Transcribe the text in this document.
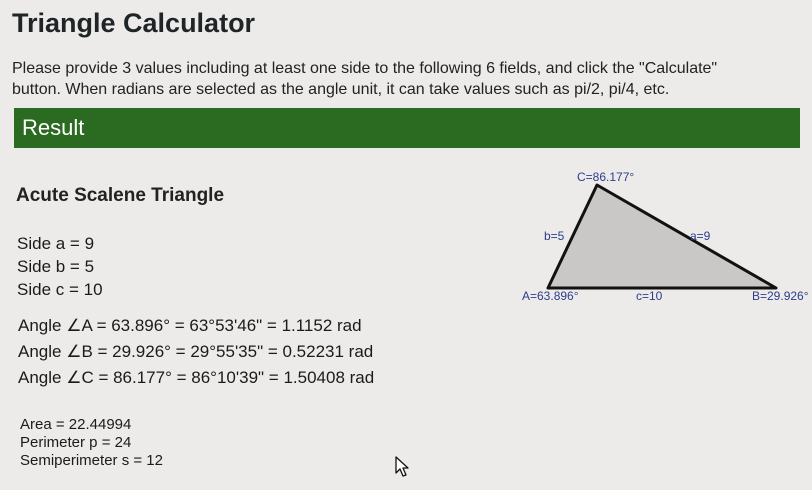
Triangle Calculator
Please provide 3 values including at least one side to the following 6 fields, and click the "Calculate"
button. When radians are selected as the angle unit, it can take values such as pi/2, pi/4, etc.
Result
Acute Scalene Triangle
Side a = 9
Side b = 5
Side c = 10
Angle ∠A = 63.896° = 63°53'46" = 1.1152 rad
Angle ∠B = 29.926° = 29°55'35" = 0.52231 rad
Angle ∠C = 86.177° = 86°10'39" = 1.50408 rad
Area = 22.44994
Perimeter p = 24
Semiperimeter s = 12
C=86.177°
b=5	a=9
A=63.896°	c=10	B=29.926°
